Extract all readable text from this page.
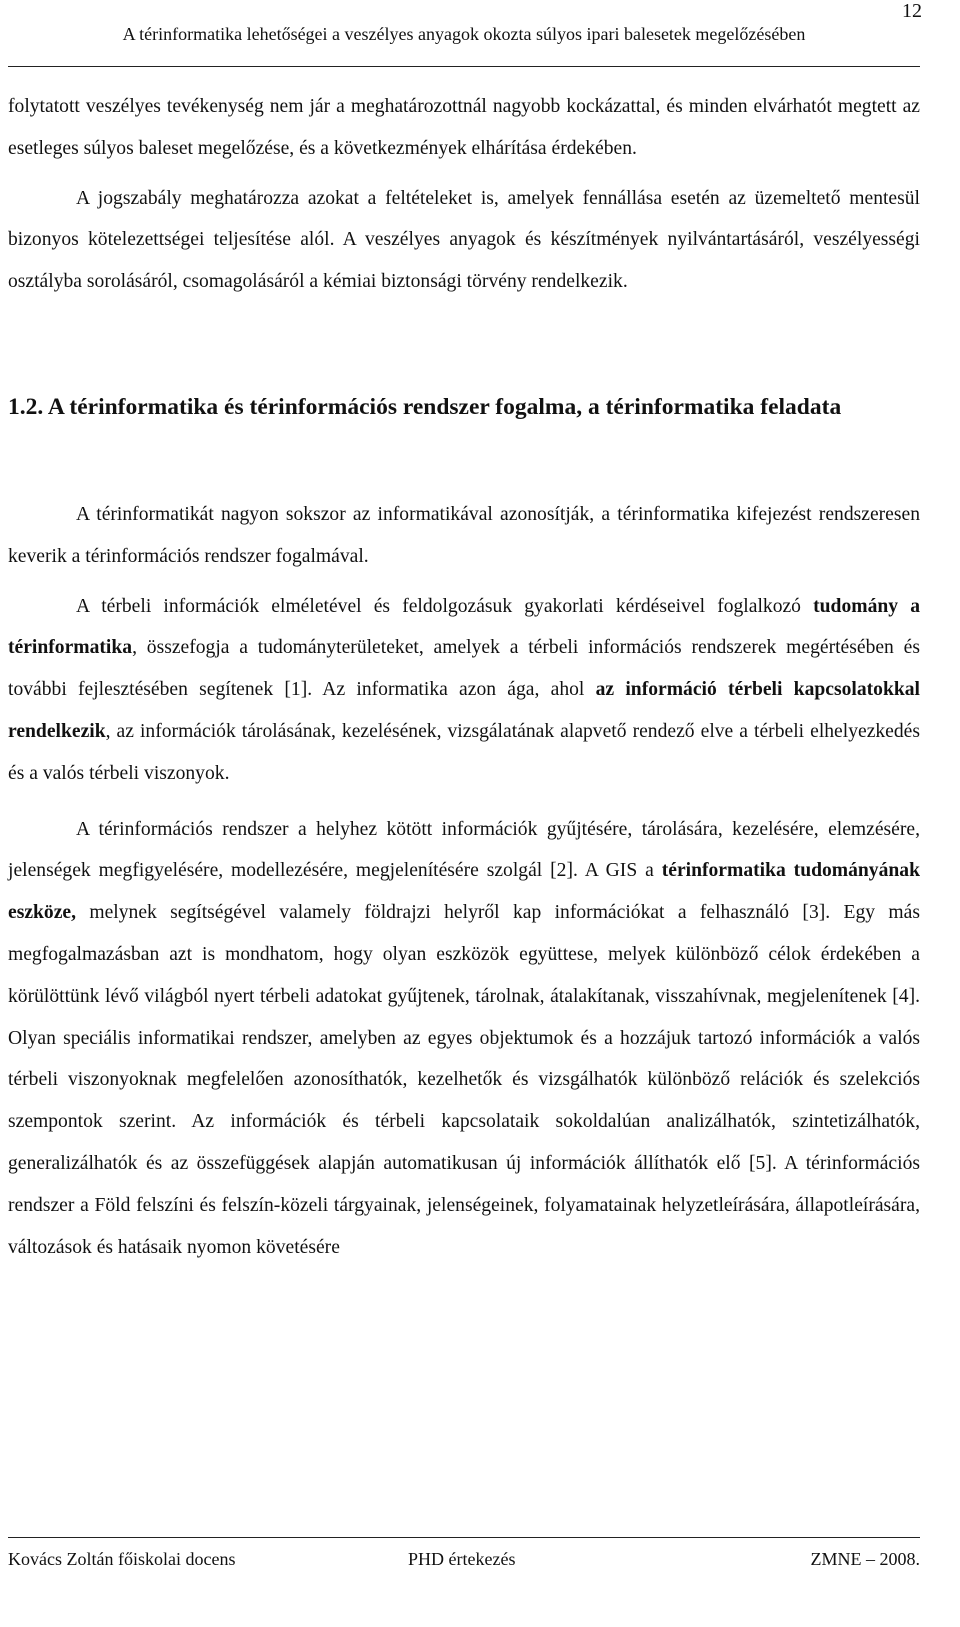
12
A térinformatika lehetőségei a veszélyes anyagok okozta súlyos ipari balesetek megelőzésében

folytatott veszélyes tevékenység nem jár a meghatározottnál nagyobb kockázattal, és minden elvárhatót megtett az esetleges súlyos baleset megelőzése, és a következmények elhárítása érdekében.

A jogszabály meghatározza azokat a feltételeket is, amelyek fennállása esetén az üzemeltető mentesül bizonyos kötelezettségei teljesítése alól. A veszélyes anyagok és készítmények nyilvántartásáról, veszélyességi osztályba sorolásáról, csomagolásáról a kémiai biztonsági törvény rendelkezik.

1.2. A térinformatika és térinformációs rendszer fogalma, a térinformatika feladata

A térinformatikát nagyon sokszor az informatikával azonosítják, a térinformatika kifejezést rendszeresen keverik a térinformációs rendszer fogalmával.

A térbeli információk elméletével és feldolgozásuk gyakorlati kérdéseivel foglalkozó tudomány a térinformatika, összefogja a tudományterületeket, amelyek a térbeli információs rendszerek megértésében és további fejlesztésében segítenek [1]. Az informatika azon ága, ahol az információ térbeli kapcsolatokkal rendelkezik, az információk tárolásának, kezelésének, vizsgálatának alapvető rendező elve a térbeli elhelyezkedés és a valós térbeli viszonyok.

A térinformációs rendszer a helyhez kötött információk gyűjtésére, tárolására, kezelésére, elemzésére, jelenségek megfigyelésére, modellezésére, megjelenítésére szolgál [2]. A GIS a térinformatika tudományának eszköze, melynek segítségével valamely földrajzi helyről kap információkat a felhasználó [3]. Egy más megfogalmazásban azt is mondhatom, hogy olyan eszközök együttese, melyek különböző célok érdekében a körülöttünk lévő világból nyert térbeli adatokat gyűjtenek, tárolnak, átalakítanak, visszahívnak, megjelenítenek [4]. Olyan speciális informatikai rendszer, amelyben az egyes objektumok és a hozzájuk tartozó információk a valós térbeli viszonyoknak megfelelően azonosíthatók, kezelhetők és vizsgálhatók különböző relációk és szelekciós szempontok szerint. Az információk és térbeli kapcsolataik sokoldalúan analizálhatók, szintetizálhatók, generalizálhatók és az összefüggések alapján automatikusan új információk állíthatók elő [5]. A térinformációs rendszer a Föld felszíni és felszín-közeli tárgyainak, jelenségeinek, folyamatainak helyzetleírására, állapotleírására, változások és hatásaik nyomon követésére

Kovács Zoltán főiskolai docens	PHD értekezés	ZMNE – 2008.
